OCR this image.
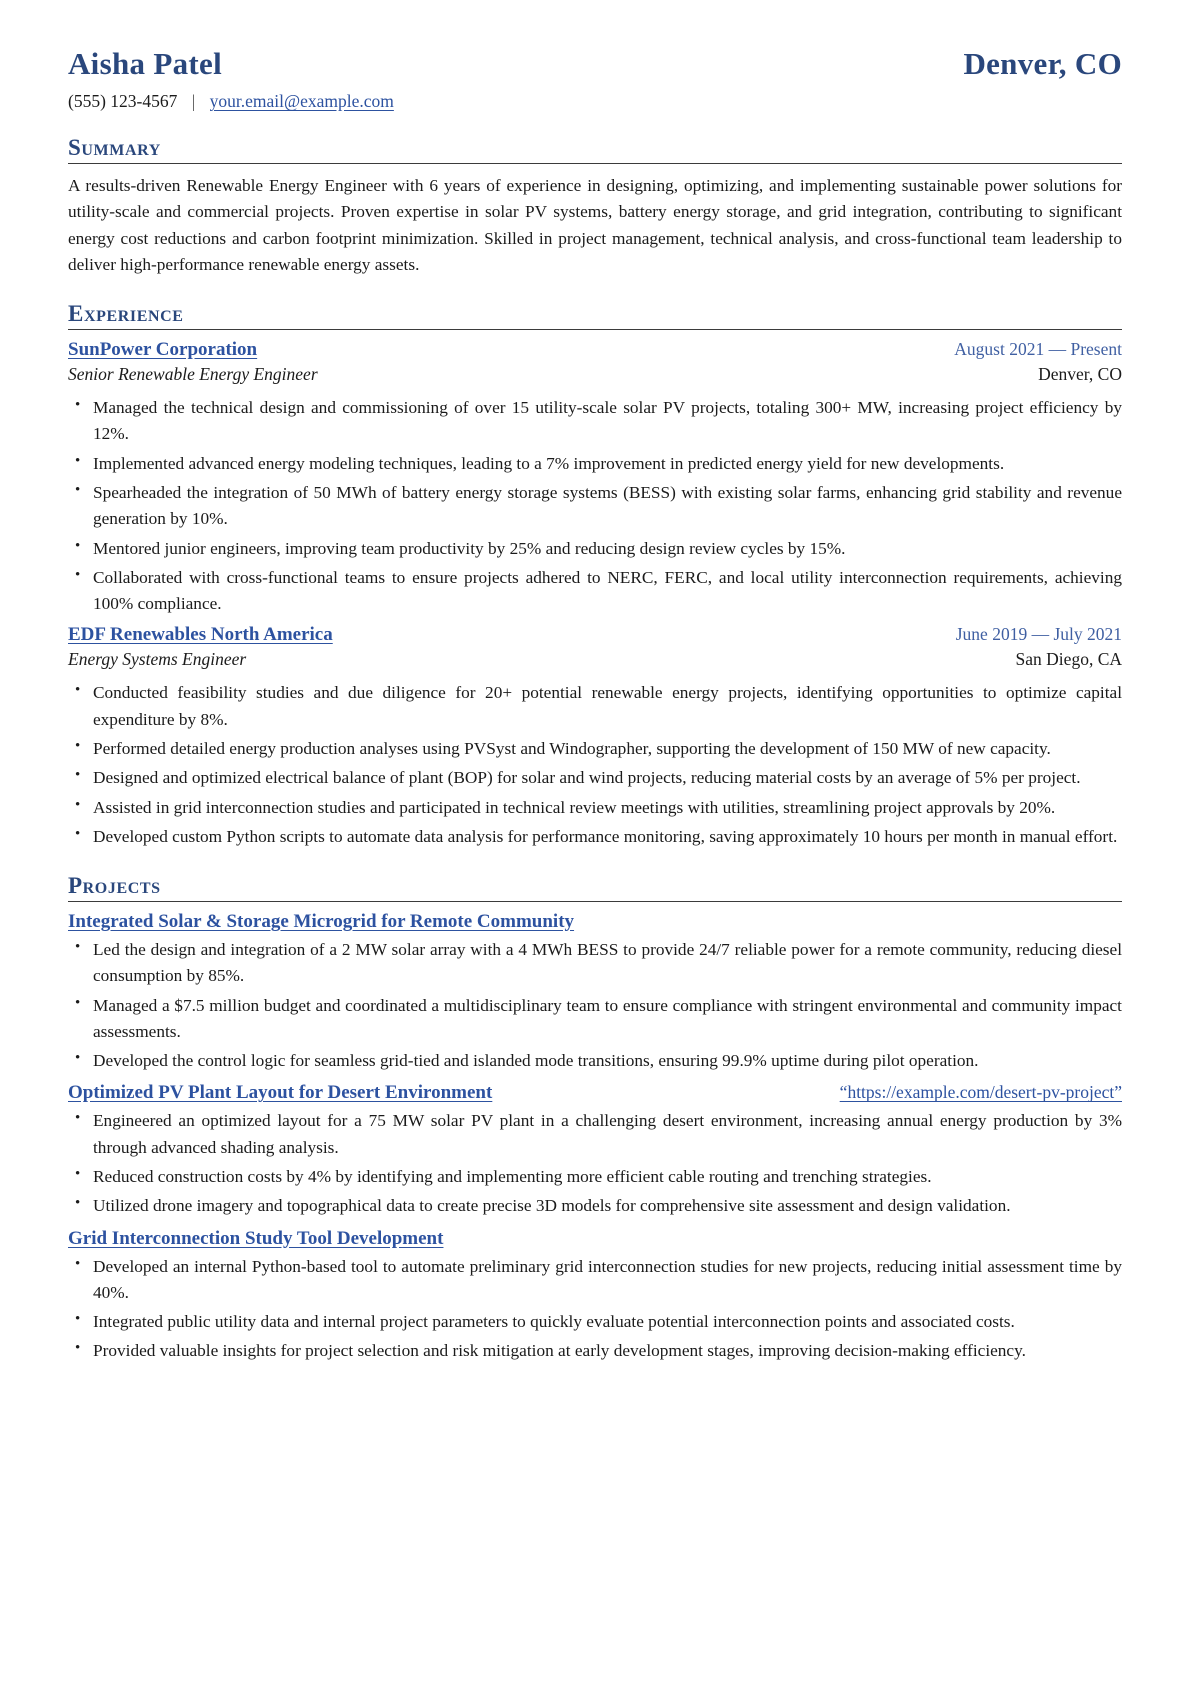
Aisha Patel	Denver, CO
(555) 123-4567 | your.email@example.com
Summary

A results-driven Renewable Energy Engineer with 6 years of experience in designing, optimizing, and implementing sustainable power solutions for utility-scale and commercial projects. Proven expertise in solar PV systems, battery energy storage, and grid integration, contributing to significant energy cost reductions and carbon footprint minimization. Skilled in project management, technical analysis, and cross-functional team leadership to deliver high-performance renewable energy assets.

Experience
SunPower Corporation	August 2021 — Present
Senior Renewable Energy Engineer	Denver, CO
• Managed the technical design and commissioning of over 15 utility-scale solar PV projects, totaling 300+ MW, increasing project efficiency by 12%.
• Implemented advanced energy modeling techniques, leading to a 7% improvement in predicted energy yield for new developments.
• Spearheaded the integration of 50 MWh of battery energy storage systems (BESS) with existing solar farms, enhancing grid stability and revenue generation by 10%.
• Mentored junior engineers, improving team productivity by 25% and reducing design review cycles by 15%.
• Collaborated with cross-functional teams to ensure projects adhered to NERC, FERC, and local utility interconnection requirements, achieving 100% compliance.
EDF Renewables North America	June 2019 — July 2021
Energy Systems Engineer	San Diego, CA
• Conducted feasibility studies and due diligence for 20+ potential renewable energy projects, identifying opportunities to optimize capital expenditure by 8%.
• Performed detailed energy production analyses using PVSyst and Windographer, supporting the development of 150 MW of new capacity.
• Designed and optimized electrical balance of plant (BOP) for solar and wind projects, reducing material costs by an average of 5% per project.
• Assisted in grid interconnection studies and participated in technical review meetings with utilities, streamlining project approvals by 20%.
• Developed custom Python scripts to automate data analysis for performance monitoring, saving approximately 10 hours per month in manual effort.
Projects
Integrated Solar & Storage Microgrid for Remote Community
• Led the design and integration of a 2 MW solar array with a 4 MWh BESS to provide 24/7 reliable power for a remote community, reducing diesel consumption by 85%.
• Managed a $7.5 million budget and coordinated a multidisciplinary team to ensure compliance with stringent environmental and community impact assessments.
• Developed the control logic for seamless grid-tied and islanded mode transitions, ensuring 99.9% uptime during pilot operation.
Optimized PV Plant Layout for Desert Environment	“https://example.com/desert-pv-project”
• Engineered an optimized layout for a 75 MW solar PV plant in a challenging desert environment, increasing annual energy production by 3% through advanced shading analysis.
• Reduced construction costs by 4% by identifying and implementing more efficient cable routing and trenching strategies.
• Utilized drone imagery and topographical data to create precise 3D models for comprehensive site assessment and design validation.
Grid Interconnection Study Tool Development
• Developed an internal Python-based tool to automate preliminary grid interconnection studies for new projects, reducing initial assessment time by 40%.
• Integrated public utility data and internal project parameters to quickly evaluate potential interconnection points and associated costs.
• Provided valuable insights for project selection and risk mitigation at early development stages, improving decision-making efficiency.
